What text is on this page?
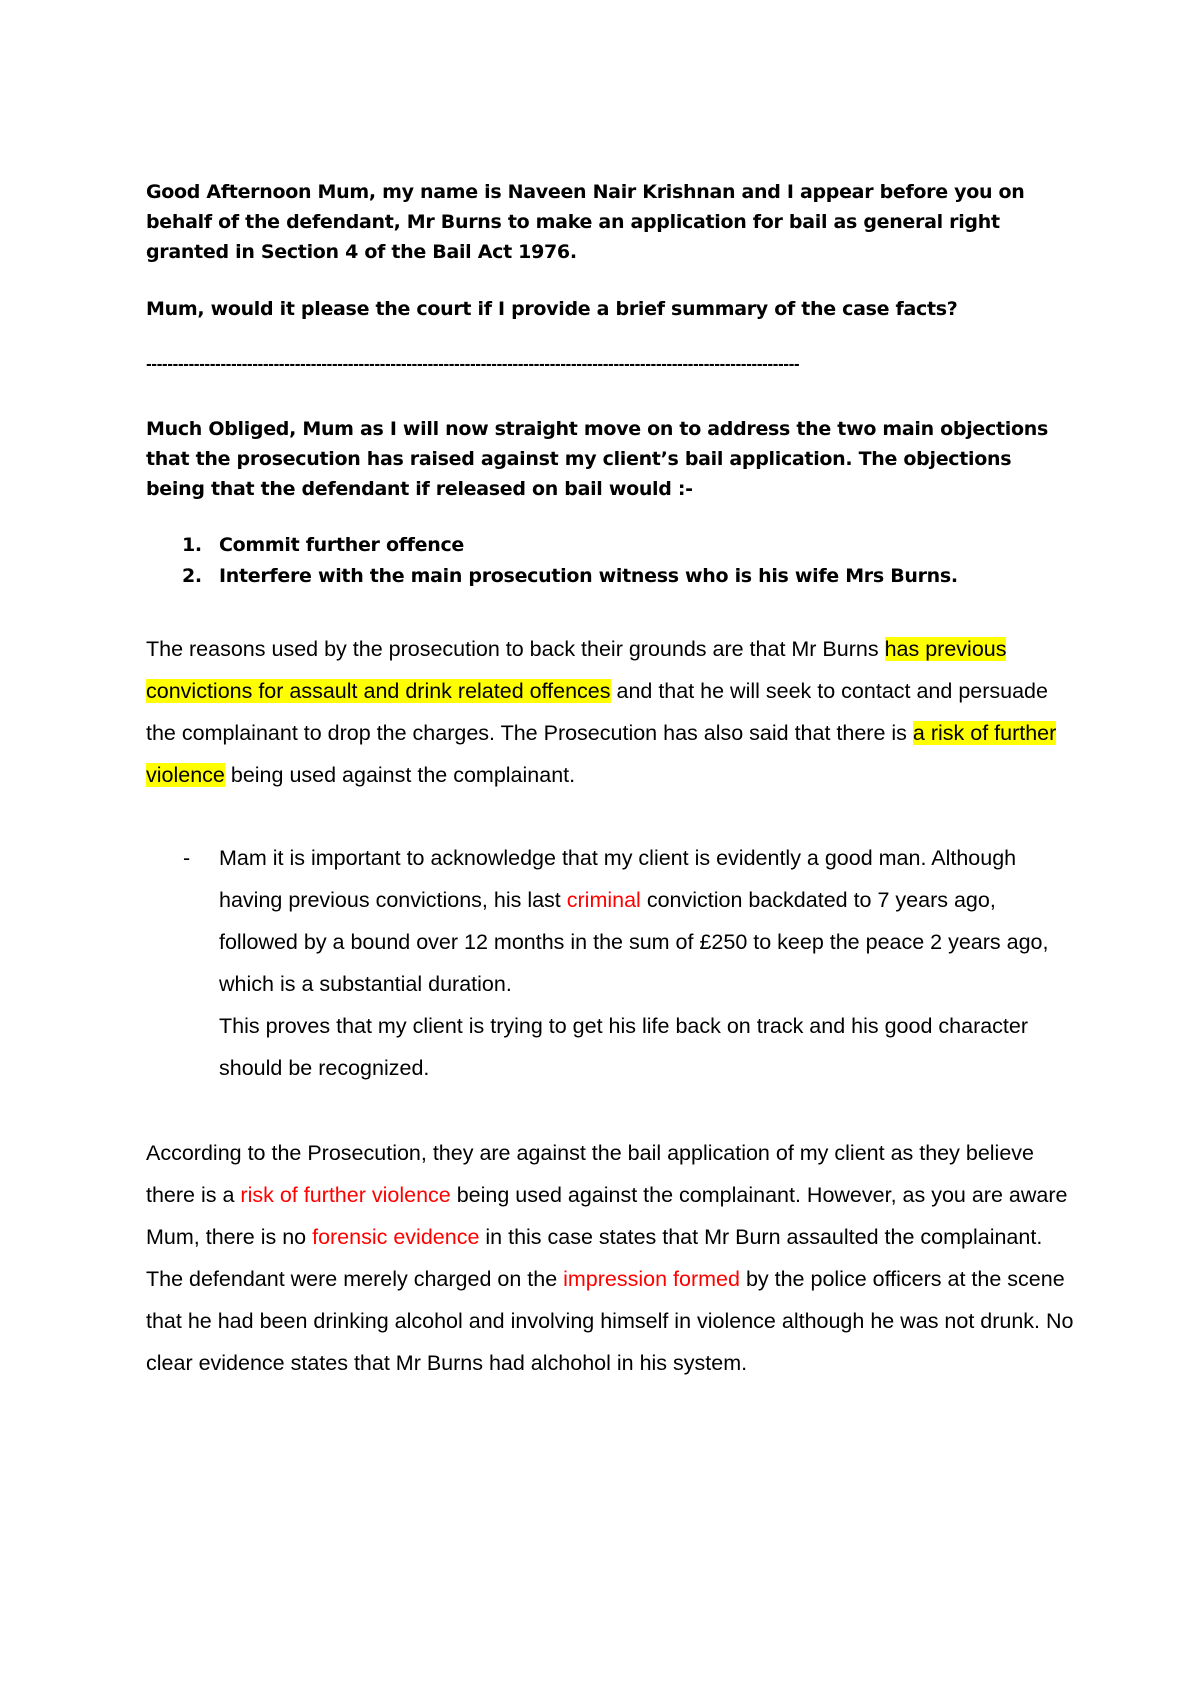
Good Afternoon Mum, my name is Naveen Nair Krishnan and I appear before you on behalf of the defendant, Mr Burns to make an application for bail as general right granted in Section 4 of the Bail Act 1976.
Mum, would it please the court if I provide a brief summary of the case facts?
---------------------------------------------------------------------------------------------------------------------------
Much Obliged, Mum as I will now straight move on to address the two main objections that the prosecution has raised against my client’s bail application. The objections being that the defendant if released on bail would :-
1. Commit further offence
2. Interfere with the main prosecution witness who is his wife Mrs Burns.
The reasons used by the prosecution to back their grounds are that Mr Burns has previous convictions for assault and drink related offences and that he will seek to contact and persuade the complainant to drop the charges. The Prosecution has also said that there is a risk of further violence being used against the complainant.
- Mam it is important to acknowledge that my client is evidently a good man. Although having previous convictions, his last criminal conviction backdated to 7 years ago, followed by a bound over 12 months in the sum of £250 to keep the peace 2 years ago, which is a substantial duration.
This proves that my client is trying to get his life back on track and his good character should be recognized.
According to the Prosecution, they are against the bail application of my client as they believe there is a risk of further violence being used against the complainant. However, as you are aware Mum, there is no forensic evidence in this case states that Mr Burn assaulted the complainant. The defendant were merely charged on the impression formed by the police officers at the scene that he had been drinking alcohol and involving himself in violence although he was not drunk. No clear evidence states that Mr Burns had alchohol in his system.
